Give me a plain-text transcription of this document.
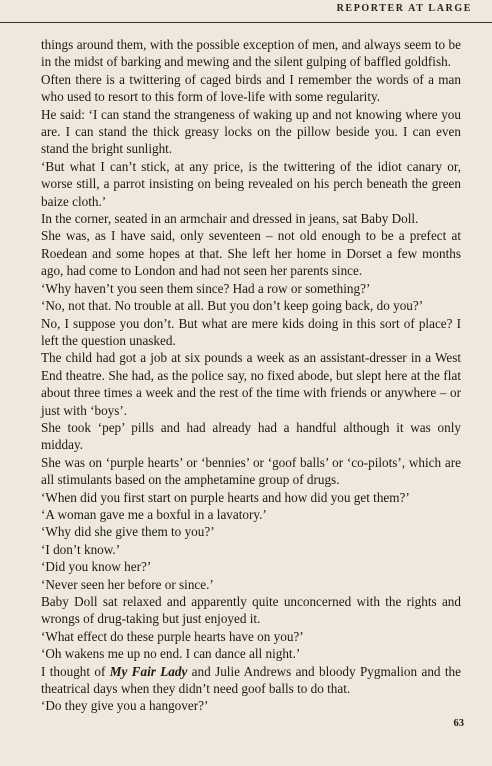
REPORTER AT LARGE

things around them, with the possible exception of men, and always seem to be in the midst of barking and mewing and the silent gulping of baffled goldfish.

Often there is a twittering of caged birds and I remember the words of a man who used to resort to this form of love-life with some regularity.

He said: ‘I can stand the strangeness of waking up and not knowing where you are. I can stand the thick greasy locks on the pillow beside you. I can even stand the bright sunlight.

‘But what I can’t stick, at any price, is the twittering of the idiot canary or, worse still, a parrot insisting on being revealed on his perch beneath the green baize cloth.’

In the corner, seated in an armchair and dressed in jeans, sat Baby Doll.

She was, as I have said, only seventeen – not old enough to be a prefect at Roedean and some hopes at that. She left her home in Dorset a few months ago, had come to London and had not seen her parents since.

‘Why haven’t you seen them since? Had a row or something?’

‘No, not that. No trouble at all. But you don’t keep going back, do you?’

No, I suppose you don’t. But what are mere kids doing in this sort of place? I left the question unasked.

The child had got a job at six pounds a week as an assistant-dresser in a West End theatre. She had, as the police say, no fixed abode, but slept here at the flat about three times a week and the rest of the time with friends or anywhere – or just with ‘boys’.

She took ‘pep’ pills and had already had a handful although it was only midday.

She was on ‘purple hearts’ or ‘bennies’ or ‘goof balls’ or ‘co-pilots’, which are all stimulants based on the amphetamine group of drugs.

‘When did you first start on purple hearts and how did you get them?’

‘A woman gave me a boxful in a lavatory.’

‘Why did she give them to you?’

‘I don’t know.’

‘Did you know her?’

‘Never seen her before or since.’

Baby Doll sat relaxed and apparently quite unconcerned with the rights and wrongs of drug-taking but just enjoyed it.

‘What effect do these purple hearts have on you?’

‘Oh wakens me up no end. I can dance all night.’

I thought of My Fair Lady and Julie Andrews and bloody Pygmalion and the theatrical days when they didn’t need goof balls to do that.

‘Do they give you a hangover?’

63
